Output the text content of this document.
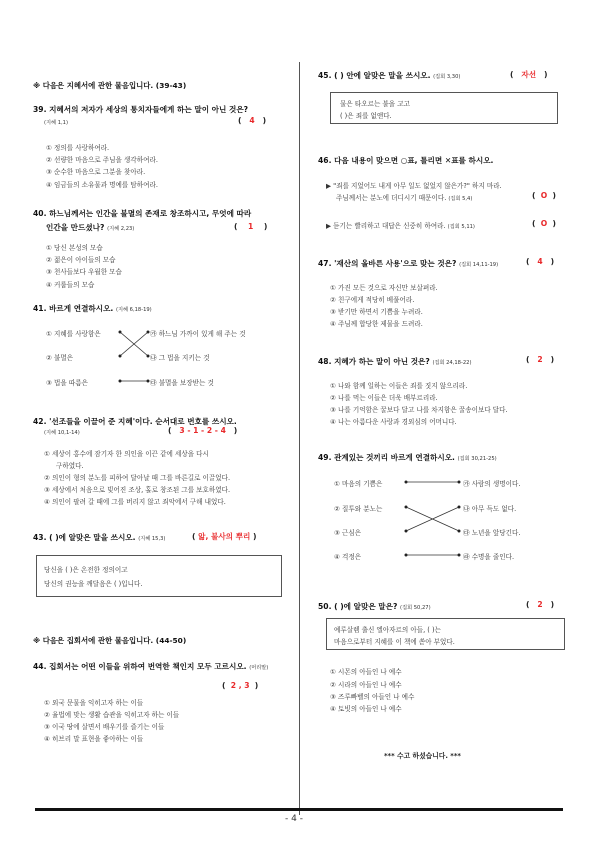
※ 다음은 지혜서에 관한 물음입니다. (39-43)
39. 지혜서의 저자가 세상의 통치자들에게 하는 말이 아닌 것은?
(지혜 1,1)	(   4   )
① 정의를 사랑하여라.
② 선량한 마음으로 주님을 생각하여라.
③ 순수한 마음으로 그분을 찾아라.
④ 임금들의 소유물과 명예를 탐하여라.
40. 하느님께서는 인간을 불멸의 존재로 창조하시고, 무엇에 따라
인간을 만드셨나? (지혜 2,23)	(    1    )
① 당신 본성의 모습
② 젊은이 아이들의 모습
③ 천사들보다 우월한 모습
④ 커룹들의 모습
41. 바르게 연결하시오. (지혜 6,18-19)
① 지혜를 사랑함은
② 불멸은
③ 법을 따름은
㉮ 하느님 가까이 있게 해 주는 것
㉯ 그 법을 지키는 것
㉰ 불멸을 보장받는 것
42. '선조들을 이끌어 준 지혜'이다. 순서대로 번호를 쓰시오.
(지혜 10,1-14)	(   3 - 1 - 2 - 4   )
① 세상이 홍수에 잠기자 한 의인을 이끈 같에 세상을 다시
구하였다.
② 의인이 형의 분노를 피하여 달아날 때 그를 바른길로 이끌었다.
③ 세상에서 처음으로 빚어진 조상, 홀로 창조된 그를 보호하였다.
④ 의인이 팔려 갈 때에 그를 버리지 않고 죄악에서 구해 내었다.
43. ( )에 알맞은 말을 쓰시오. (지혜 15,3)	( 앎, 불사의 뿌리 )
당신을 ( )은 온전한 정의이고
당신의 권능을 깨달음은 ( )입니다.
※ 다음은 집회서에 관한 물음입니다. (44-50)
44. 집회서는 어떤 이들을 위하여 번역한 책인지 모두 고르시오. (머리말)
(  2 , 3  )
① 외국 문물을 익히고자 하는 이들
② 율법에 맞는 생활 습관을 익히고자 하는 이들
③ 이국 땅에 살면서 배우기를 즐기는 이들
④ 히브리 말 표현을 좋아하는 이들
45. ( ) 안에 알맞은 말을 쓰시오. (집회 3,30)	(   자선   )
물은 타오르는 불을 고고
( )은 죄를 없앤다.
46. 다음 내용이 맞으면 ○표, 틀리면 ✕표를 하시오.
▶ "죄를 지었어도 내게 아무 일도 없었지 않은가?" 하지 마라.
주님께서는 분노에 더디시기 때문이다. (집회 5,4)	(  O  )
▶ 듣기는 빨리하고 대답은 신중히 하여라. (집회 5,11)	(  O  )
47. '재산의 올바른 사용'으로 맞는 것은? (집회 14,11-19)	(   4   )
① 가진 모든 것으로 자신만 보살펴라.
② 친구에게 적당히 베풀어라.
③ 받기만 하면서 기쁨을 누려라.
④ 주님께 합당한 제물을 드려라.
48. 지혜가 하는 말이 아닌 것은? (집회 24,18-22)	(   2   )
① 나와 함께 일하는 이들은 죄를 짓지 않으리라.
② 나를 먹는 이들은 더욱 배부르리라.
③ 나를 기억함은 꿀보다 달고 나를 차지함은 꿀송이보다 달다.
④ 나는 아름다운 사랑과 경외심의 어머니다.
49. 관계있는 것끼리 바르게 연결하시오. (집회 30,21-25)
① 마음의 기쁨은
② 질투와 분노는
③ 근심은
④ 걱정은
㉮ 사람의 생명이다.
㉯ 아무 득도 없다.
㉰ 노년을 앞당긴다.
㉱ 수명을 줄인다.
50. ( )에 알맞은 말은? (집회 50,27)	(   2   )
예루살렘 출신 엘아자르의 아들, ( )는
마음으로부터 지혜를 이 책에 쏟아 부었다.
① 시몬의 아들인 나 예수
② 시라의 아들인 나 예수
③ 즈루빠벨의 아들인 나 예수
④ 토빗의 아들인 나 예수
*** 수고 하셨습니다. ***
- 4 -
